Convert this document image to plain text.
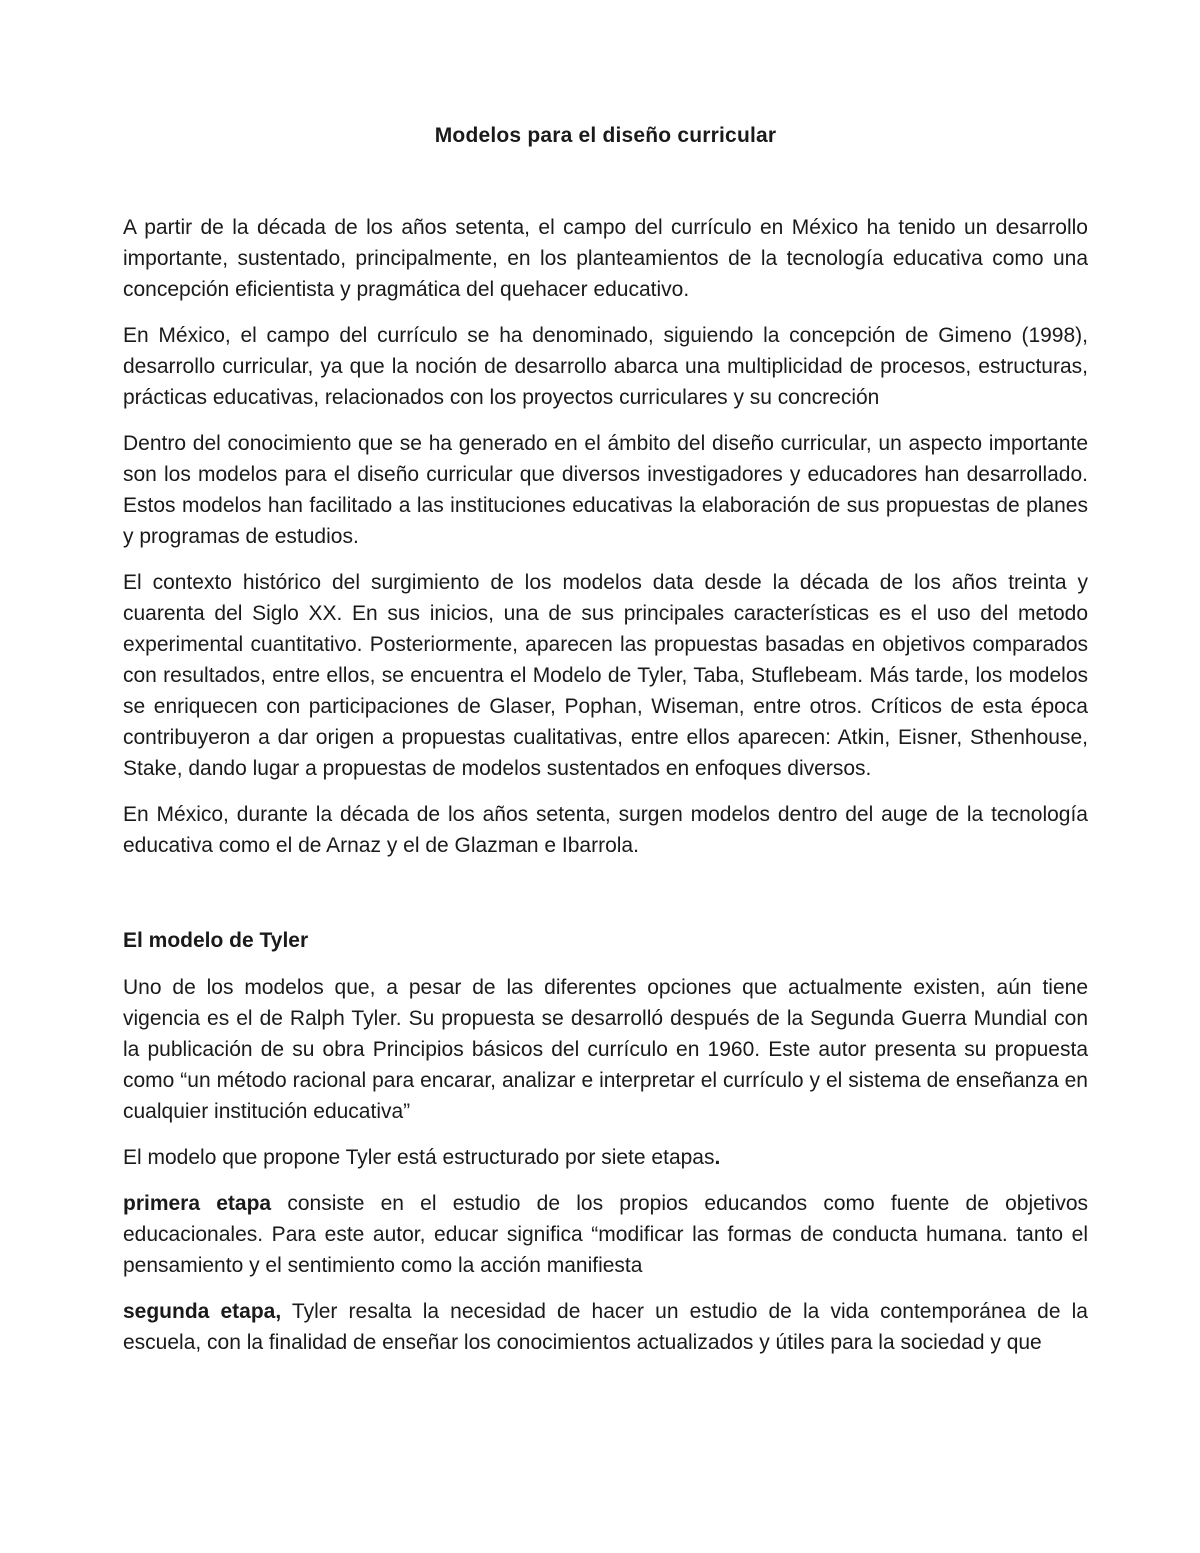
Modelos para el diseño curricular

A partir de la década de los años setenta, el campo del currículo en México ha tenido un desarrollo importante, sustentado, principalmente, en los planteamientos de la tecnología educativa como una concepción eficientista y pragmática del quehacer educativo.

En México, el campo del currículo se ha denominado, siguiendo la concepción de Gimeno (1998), desarrollo curricular, ya que la noción de desarrollo abarca una multiplicidad de procesos, estructuras, prácticas educativas, relacionados con los proyectos curriculares y su concreción

Dentro del conocimiento que se ha generado en el ámbito del diseño curricular, un aspecto importante son los modelos para el diseño curricular que diversos investigadores y educadores han desarrollado. Estos modelos han facilitado a las instituciones educativas la elaboración de sus propuestas de planes y programas de estudios.

El contexto histórico del surgimiento de los modelos data desde la década de los años treinta y cuarenta del Siglo XX. En sus inicios, una de sus principales características es el uso del metodo experimental cuantitativo. Posteriormente, aparecen las propuestas basadas en objetivos comparados con resultados, entre ellos, se encuentra el Modelo de Tyler, Taba, Stuflebeam. Más tarde, los modelos se enriquecen con participaciones de Glaser, Pophan, Wiseman, entre otros. Críticos de esta época contribuyeron a dar origen a propuestas cualitativas, entre ellos aparecen: Atkin, Eisner, Sthenhouse, Stake, dando lugar a propuestas de modelos sustentados en enfoques diversos.

En México, durante la década de los años setenta, surgen modelos dentro del auge de la tecnología educativa como el de Arnaz y el de Glazman e Ibarrola.

El modelo de Tyler

Uno de los modelos que, a pesar de las diferentes opciones que actualmente existen, aún tiene vigencia es el de Ralph Tyler. Su propuesta se desarrolló después de la Segunda Guerra Mundial con la publicación de su obra Principios básicos del currículo en 1960. Este autor presenta su propuesta como “un método racional para encarar, analizar e interpretar el currículo y el sistema de enseñanza en cualquier institución educativa”

El modelo que propone Tyler está estructurado por siete etapas.

primera etapa consiste en el estudio de los propios educandos como fuente de objetivos educacionales. Para este autor, educar significa “modificar las formas de conducta humana. tanto el pensamiento y el sentimiento como la acción manifiesta

segunda etapa, Tyler resalta la necesidad de hacer un estudio de la vida contemporánea de la escuela, con la finalidad de enseñar los conocimientos actualizados y útiles para la sociedad y que
